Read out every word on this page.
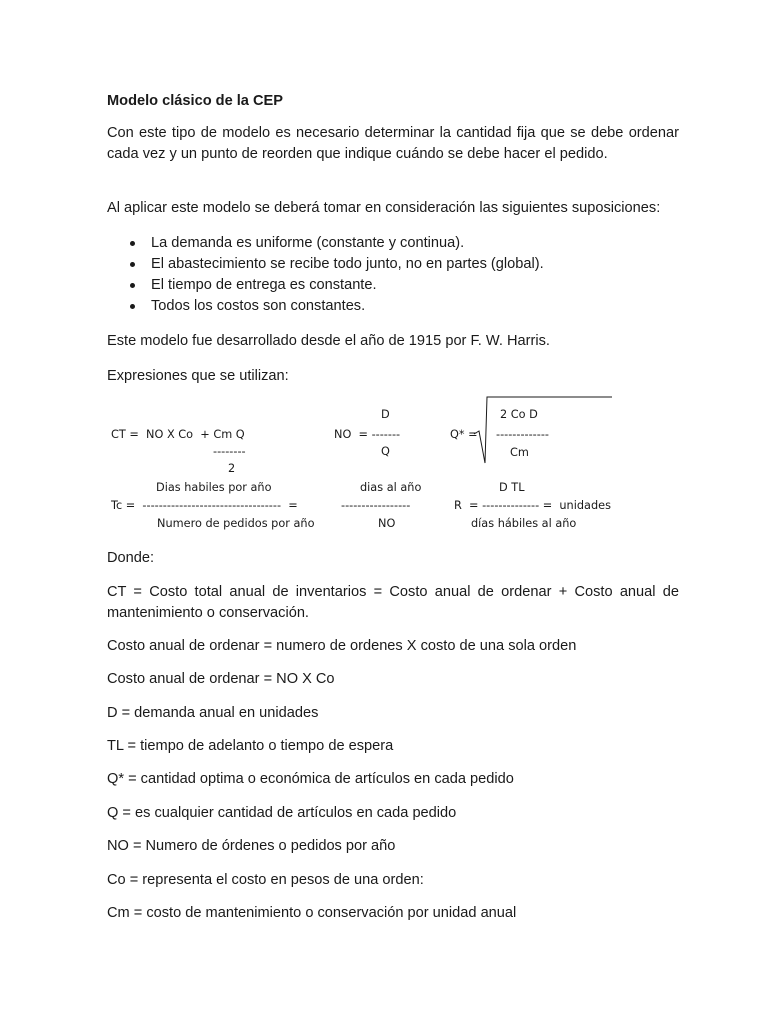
Modelo clásico de la CEP

Con este tipo de modelo es necesario determinar la cantidad fija que se debe ordenar cada vez y un punto de reorden que indique cuándo se debe hacer el pedido.

Al aplicar este modelo se deberá tomar en consideración las siguientes suposiciones:

La demanda es uniforme (constante y continua).
El abastecimiento se recibe todo junto, no en partes (global).
El tiempo de entrega es constante.
Todos los costos son constantes.

Este modelo fue desarrollado desde el año de 1915 por F. W. Harris.

Expresiones que se utilizan:

CT =  NO X Co  + Cm Q
--------
2
D
NO  = -------
Q
2 Co D
Q* = -------------
Cm
Dias habiles por año
Tc =  ----------------------------------  =
Numero de pedidos por año
dias al año
-----------------
NO
D TL
R  = -------------- =  unidades
días hábiles al año

Donde:

CT = Costo total anual de inventarios = Costo anual de ordenar + Costo anual de mantenimiento o conservación.

Costo anual de ordenar = numero de ordenes X costo de una sola orden

Costo anual de ordenar = NO X Co

D = demanda anual en unidades

TL = tiempo de adelanto o tiempo de espera

Q* = cantidad optima o económica de artículos en cada pedido

Q = es cualquier cantidad de artículos en cada pedido

NO = Numero de órdenes o pedidos por año

Co = representa el costo en pesos de una orden:

Cm = costo de mantenimiento o conservación por unidad anual
